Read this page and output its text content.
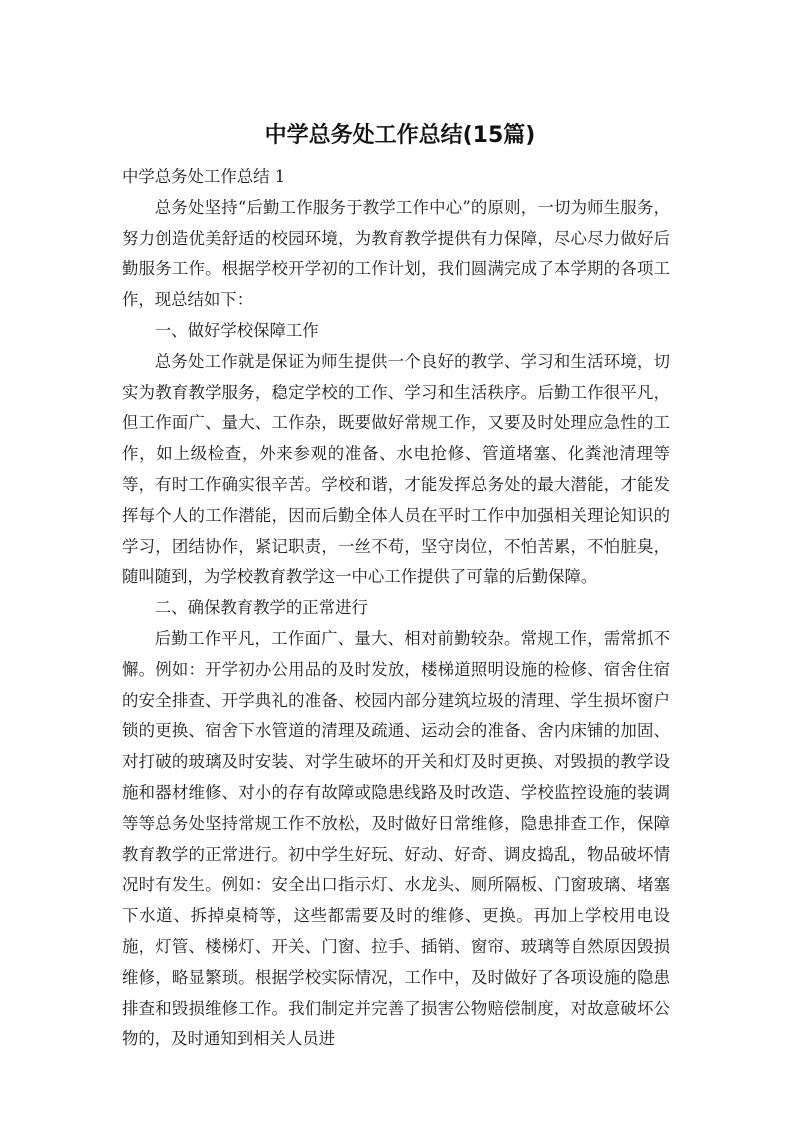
中学总务处工作总结(15篇)

中学总务处工作总结 1

总务处坚持“后勤工作服务于教学工作中心”的原则，一切为师生服务，努力创造优美舒适的校园环境，为教育教学提供有力保障，尽心尽力做好后勤服务工作。根据学校开学初的工作计划，我们圆满完成了本学期的各项工作，现总结如下：

一、做好学校保障工作

总务处工作就是保证为师生提供一个良好的教学、学习和生活环境，切实为教育教学服务，稳定学校的工作、学习和生活秩序。后勤工作很平凡，但工作面广、量大、工作杂，既要做好常规工作，又要及时处理应急性的工作，如上级检查，外来参观的准备、水电抢修、管道堵塞、化粪池清理等等，有时工作确实很辛苦。学校和谐，才能发挥总务处的最大潜能，才能发挥每个人的工作潜能，因而后勤全体人员在平时工作中加强相关理论知识的学习，团结协作，紧记职责，一丝不苟，坚守岗位，不怕苦累，不怕脏臭，随叫随到，为学校教育教学这一中心工作提供了可靠的后勤保障。

二、确保教育教学的正常进行

后勤工作平凡，工作面广、量大、相对前勤较杂。常规工作，需常抓不懈。例如：开学初办公用品的及时发放，楼梯道照明设施的检修、宿舍住宿的安全排查、开学典礼的准备、校园内部分建筑垃圾的清理、学生损坏窗户锁的更换、宿舍下水管道的清理及疏通、运动会的准备、舍内床铺的加固、对打破的玻璃及时安装、对学生破坏的开关和灯及时更换、对毁损的教学设施和器材维修、对小的存有故障或隐患线路及时改造、学校监控设施的装调等等总务处坚持常规工作不放松，及时做好日常维修，隐患排查工作，保障教育教学的正常进行。初中学生好玩、好动、好奇、调皮捣乱，物品破坏情况时有发生。例如：安全出口指示灯、水龙头、厕所隔板、门窗玻璃、堵塞下水道、拆掉桌椅等，这些都需要及时的维修、更换。再加上学校用电设施，灯管、楼梯灯、开关、门窗、拉手、插销、窗帘、玻璃等自然原因毁损维修，略显繁琐。根据学校实际情况，工作中，及时做好了各项设施的隐患排查和毁损维修工作。我们制定并完善了损害公物赔偿制度，对故意破坏公物的，及时通知到相关人员进
